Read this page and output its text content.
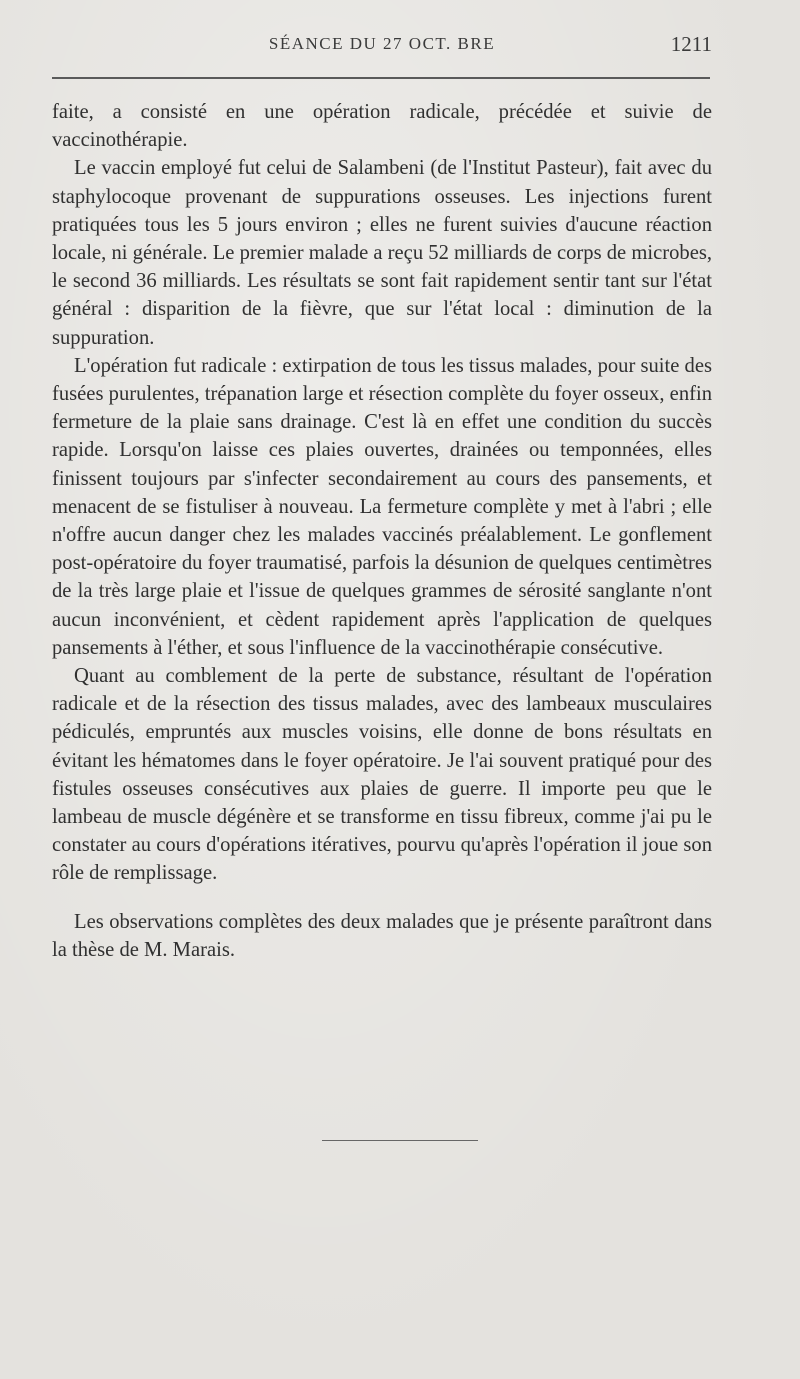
SÉANCE DU 27 OCT. BRE	1211

faite, a consisté en une opération radicale, précédée et suivie de vaccinothérapie.

Le vaccin employé fut celui de Salambeni (de l'Institut Pasteur), fait avec du staphylocoque provenant de suppurations osseuses. Les injections furent pratiquées tous les 5 jours environ ; elles ne furent suivies d'aucune réaction locale, ni générale. Le premier malade a reçu 52 milliards de corps de microbes, le second 36 milliards. Les résultats se sont fait rapidement sentir tant sur l'état général : disparition de la fièvre, que sur l'état local : diminution de la suppuration.

L'opération fut radicale : extirpation de tous les tissus malades, pour suite des fusées purulentes, trépanation large et résection complète du foyer osseux, enfin fermeture de la plaie sans drainage. C'est là en effet une condition du succès rapide. Lorsqu'on laisse ces plaies ouvertes, drainées ou temponnées, elles finissent toujours par s'infecter secondairement au cours des pansements, et menacent de se fistuliser à nouveau. La fermeture complète y met à l'abri ; elle n'offre aucun danger chez les malades vaccinés préalablement. Le gonflement post-opératoire du foyer traumatisé, parfois la désunion de quelques centimètres de la très large plaie et l'issue de quelques grammes de sérosité sanglante n'ont aucun inconvénient, et cèdent rapidement après l'application de quelques pansements à l'éther, et sous l'influence de la vaccinothérapie consécutive.

Quant au comblement de la perte de substance, résultant de l'opération radicale et de la résection des tissus malades, avec des lambeaux musculaires pédiculés, empruntés aux muscles voisins, elle donne de bons résultats en évitant les hématomes dans le foyer opératoire. Je l'ai souvent pratiqué pour des fistules osseuses consécutives aux plaies de guerre. Il importe peu que le lambeau de muscle dégénère et se transforme en tissu fibreux, comme j'ai pu le constater au cours d'opérations itératives, pourvu qu'après l'opération il joue son rôle de remplissage.

Les observations complètes des deux malades que je présente paraîtront dans la thèse de M. Marais.
